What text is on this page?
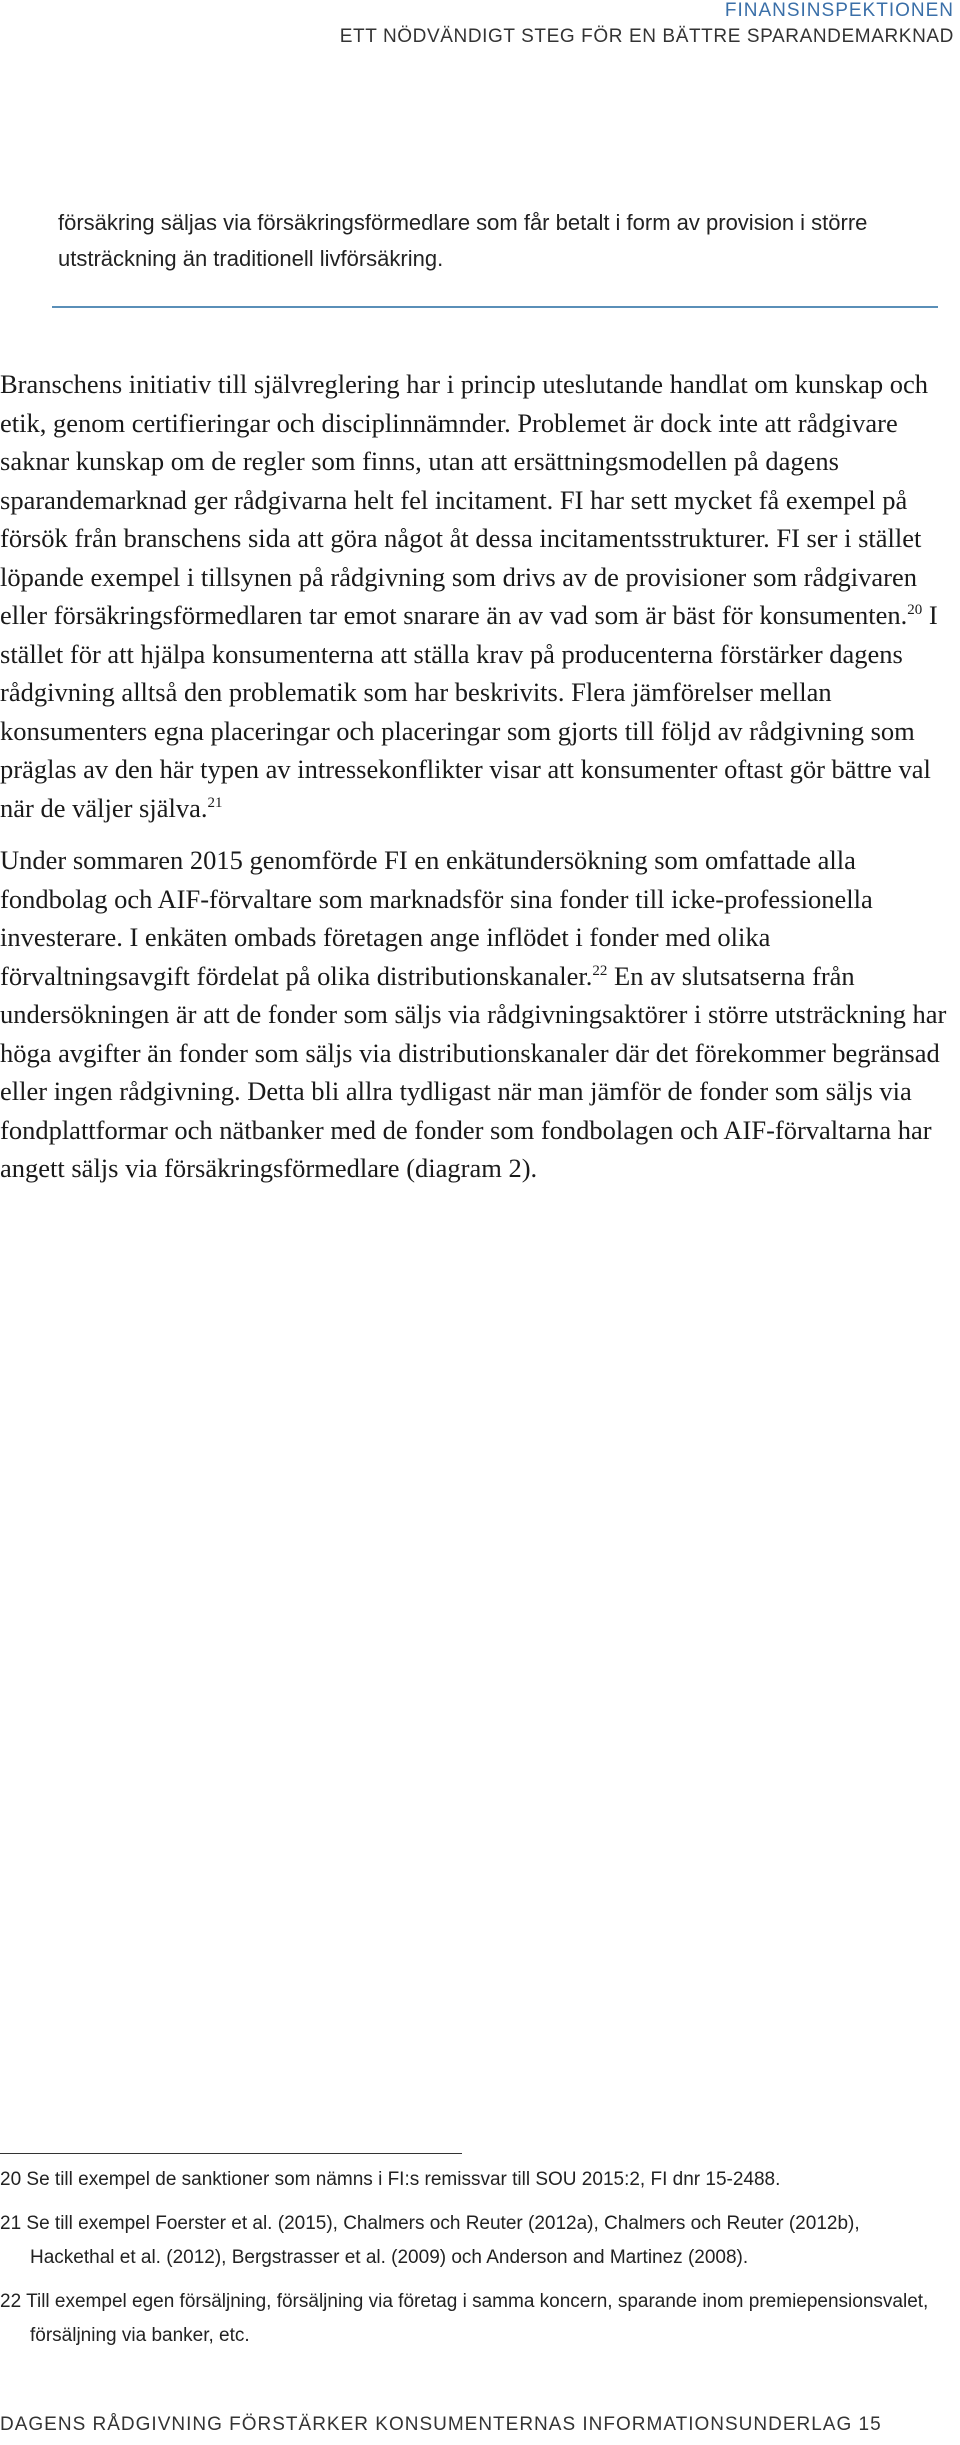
FINANSINSPEKTIONEN
ETT NÖDVÄNDIGT STEG FÖR EN BÄTTRE SPARANDEMARKNAD
försäkring säljas via försäkringsförmedlare som får betalt i form av provision i större utsträckning än traditionell livförsäkring.

Branschens initiativ till självreglering har i princip uteslutande handlat om kunskap och etik, genom certifieringar och disciplinnämnder. Problemet är dock inte att rådgivare saknar kunskap om de regler som finns, utan att ersättningsmodellen på dagens sparandemarknad ger rådgivarna helt fel incitament. FI har sett mycket få exempel på försök från branschens sida att göra något åt dessa incitamentsstrukturer. FI ser i stället löpande exempel i tillsynen på rådgivning som drivs av de provisioner som rådgivaren eller försäkringsförmedlaren tar emot snarare än av vad som är bäst för konsumenten.$^{20}$ I stället för att hjälpa konsumenterna att ställa krav på producenterna förstärker dagens rådgivning alltså den problematik som har beskrivits. Flera jämförelser mellan konsumenters egna placeringar och placeringar som gjorts till följd av rådgivning som präglas av den här typen av intressekonflikter visar att konsumenter oftast gör bättre val när de väljer själva.$^{21}$

Under sommaren 2015 genomförde FI en enkätundersökning som omfattade alla fondbolag och AIF-förvaltare som marknadsför sina fonder till icke-professionella investerare. I enkäten ombads företagen ange inflödet i fonder med olika förvaltningsavgift fördelat på olika distributionskanaler.$^{22}$ En av slutsatserna från undersökningen är att de fonder som säljs via rådgivningsaktörer i större utsträckning har höga avgifter än fonder som säljs via distributionskanaler där det förekommer begränsad eller ingen rådgivning. Detta bli allra tydligast när man jämför de fonder som säljs via fondplattformar och nätbanker med de fonder som fondbolagen och AIF-förvaltarna har angett säljs via försäkringsförmedlare (diagram 2).

20 Se till exempel de sanktioner som nämns i FI:s remissvar till SOU 2015:2, FI dnr 15-2488.
21 Se till exempel Foerster et al. (2015), Chalmers och Reuter (2012a), Chalmers och Reuter (2012b), Hackethal et al. (2012), Bergstrasser et al. (2009) och Anderson and Martinez (2008).
22 Till exempel egen försäljning, försäljning via företag i samma koncern, sparande inom premiepensionsvalet, försäljning via banker, etc.
DAGENS RÅDGIVNING FÖRSTÄRKER KONSUMENTERNAS INFORMATIONSUNDERLAG 15
